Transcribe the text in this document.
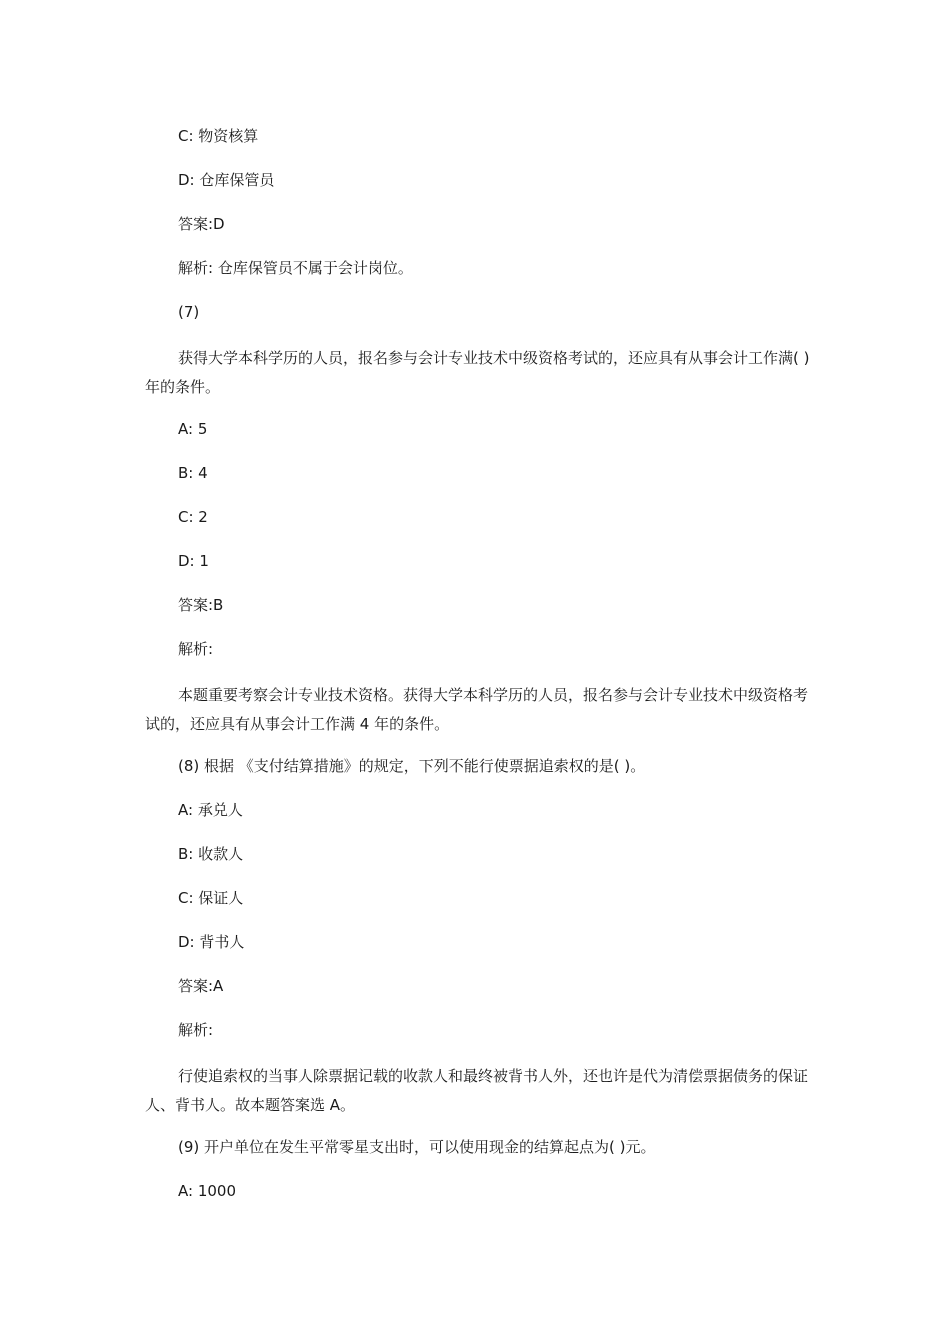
C: 物资核算
D: 仓库保管员
答案:D
解析: 仓库保管员不属于会计岗位。
(7)
获得大学本科学历的人员，报名参与会计专业技术中级资格考试的，还应具有从事会计工作满( )年的条件。
A: 5
B: 4
C: 2
D: 1
答案:B
解析:
本题重要考察会计专业技术资格。获得大学本科学历的人员，报名参与会计专业技术中级资格考试的，还应具有从事会计工作满 4 年的条件。
(8) 根据 《支付结算措施》的规定，下列不能行使票据追索权的是( )。
A: 承兑人
B: 收款人
C: 保证人
D: 背书人
答案:A
解析:
行使追索权的当事人除票据记载的收款人和最终被背书人外，还也许是代为清偿票据债务的保证人、背书人。故本题答案选 A。
(9) 开户单位在发生平常零星支出时，可以使用现金的结算起点为( )元。
A: 1000
